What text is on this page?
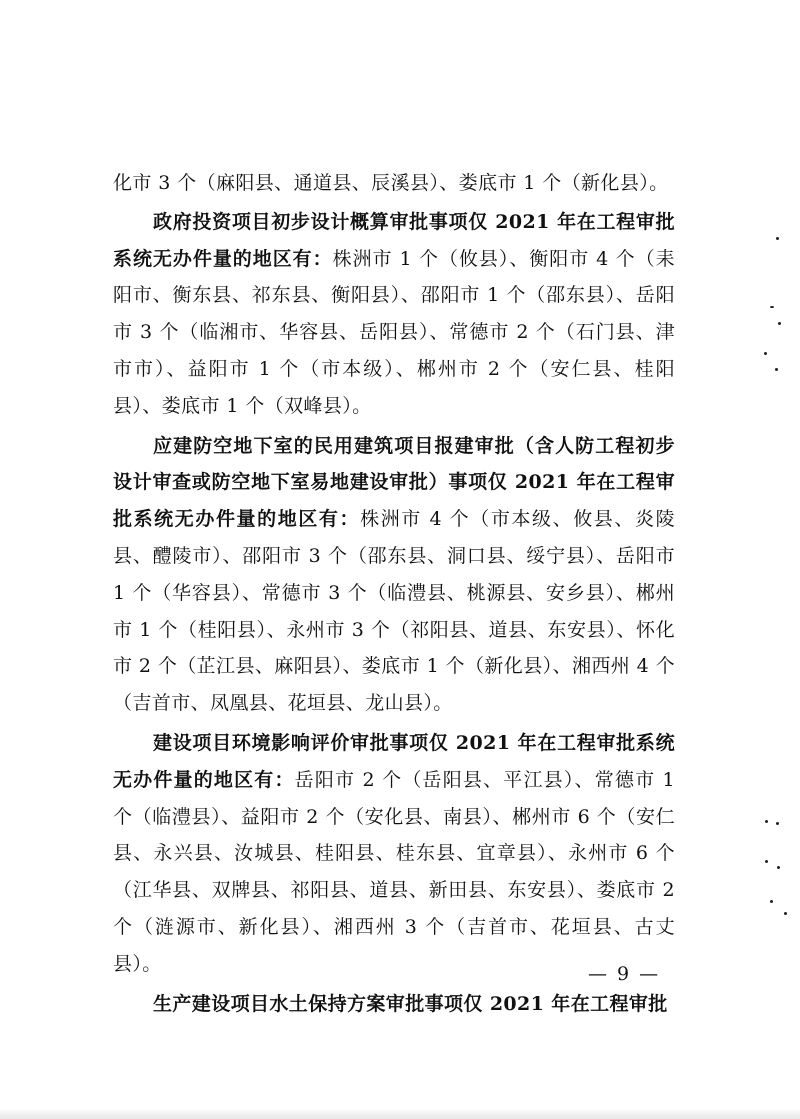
化市 3 个（麻阳县、通道县、辰溪县）、娄底市 1 个（新化县）。

政府投资项目初步设计概算审批事项仅 2021 年在工程审批系统无办件量的地区有：株洲市 1 个（攸县）、衡阳市 4 个（耒阳市、衡东县、祁东县、衡阳县）、邵阳市 1 个（邵东县）、岳阳市 3 个（临湘市、华容县、岳阳县）、常德市 2 个（石门县、津市市）、益阳市 1 个（市本级）、郴州市 2 个（安仁县、桂阳县）、娄底市 1 个（双峰县）。

应建防空地下室的民用建筑项目报建审批（含人防工程初步设计审查或防空地下室易地建设审批）事项仅 2021 年在工程审批系统无办件量的地区有：株洲市 4 个（市本级、攸县、炎陵县、醴陵市）、邵阳市 3 个（邵东县、洞口县、绥宁县）、岳阳市 1 个（华容县）、常德市 3 个（临澧县、桃源县、安乡县）、郴州市 1 个（桂阳县）、永州市 3 个（祁阳县、道县、东安县）、怀化市 2 个（芷江县、麻阳县）、娄底市 1 个（新化县）、湘西州 4 个（吉首市、凤凰县、花垣县、龙山县）。

建设项目环境影响评价审批事项仅 2021 年在工程审批系统无办件量的地区有：岳阳市 2 个（岳阳县、平江县）、常德市 1 个（临澧县）、益阳市 2 个（安化县、南县）、郴州市 6 个（安仁县、永兴县、汝城县、桂阳县、桂东县、宜章县）、永州市 6 个（江华县、双牌县、祁阳县、道县、新田县、东安县）、娄底市 2 个（涟源市、新化县）、湘西州 3 个（吉首市、花垣县、古丈县）。

生产建设项目水土保持方案审批事项仅 2021 年在工程审批

— 9 —
